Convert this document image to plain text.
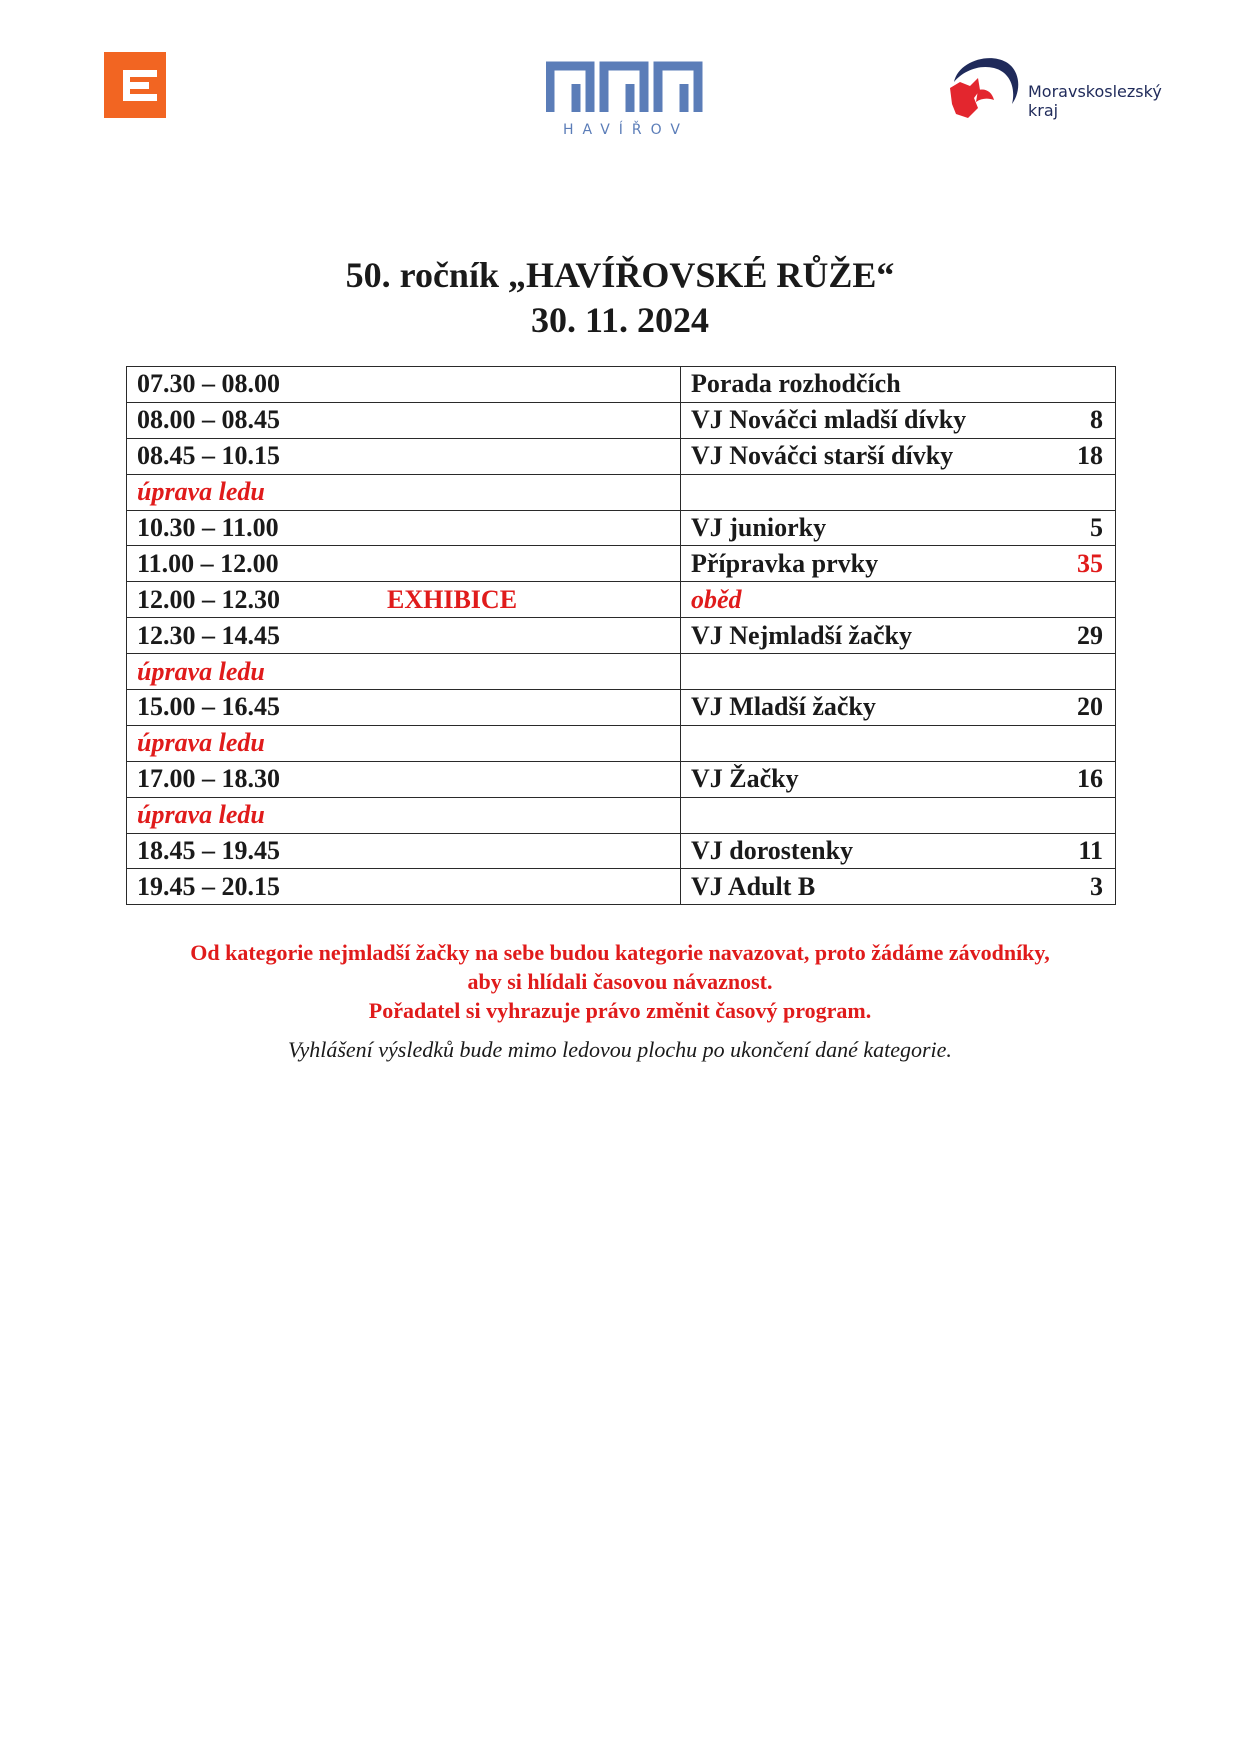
HAVÍŘOV
Moravskoslezský
kraj
50. ročník „HAVÍŘOVSKÉ RŮŽE“
30. 11. 2024
07.30 – 08.00	Porada rozhodčích

08.00 – 08.45	VJ Nováčci mladší dívky 8

08.45 – 10.15	VJ Nováčci starší dívky 18

úprava ledu	

10.30 – 11.00	VJ juniorky 5

11.00 – 12.00	Přípravka prvky 35

12.00 – 12.30 EXHIBICE	oběd

12.30 – 14.45	VJ Nejmladší žačky 29

úprava ledu	

15.00 – 16.45	VJ Mladší žačky 20

úprava ledu	

17.00 – 18.30	VJ Žačky 16

úprava ledu	

18.45 – 19.45	VJ dorostenky 11

19.45 – 20.15	VJ Adult B 3

Od kategorie nejmladší žačky na sebe budou kategorie navazovat, proto žádáme závodníky,

aby si hlídali časovou návaznost.

Pořadatel si vyhrazuje právo změnit časový program.

Vyhlášení výsledků bude mimo ledovou plochu po ukončení dané kategorie.
